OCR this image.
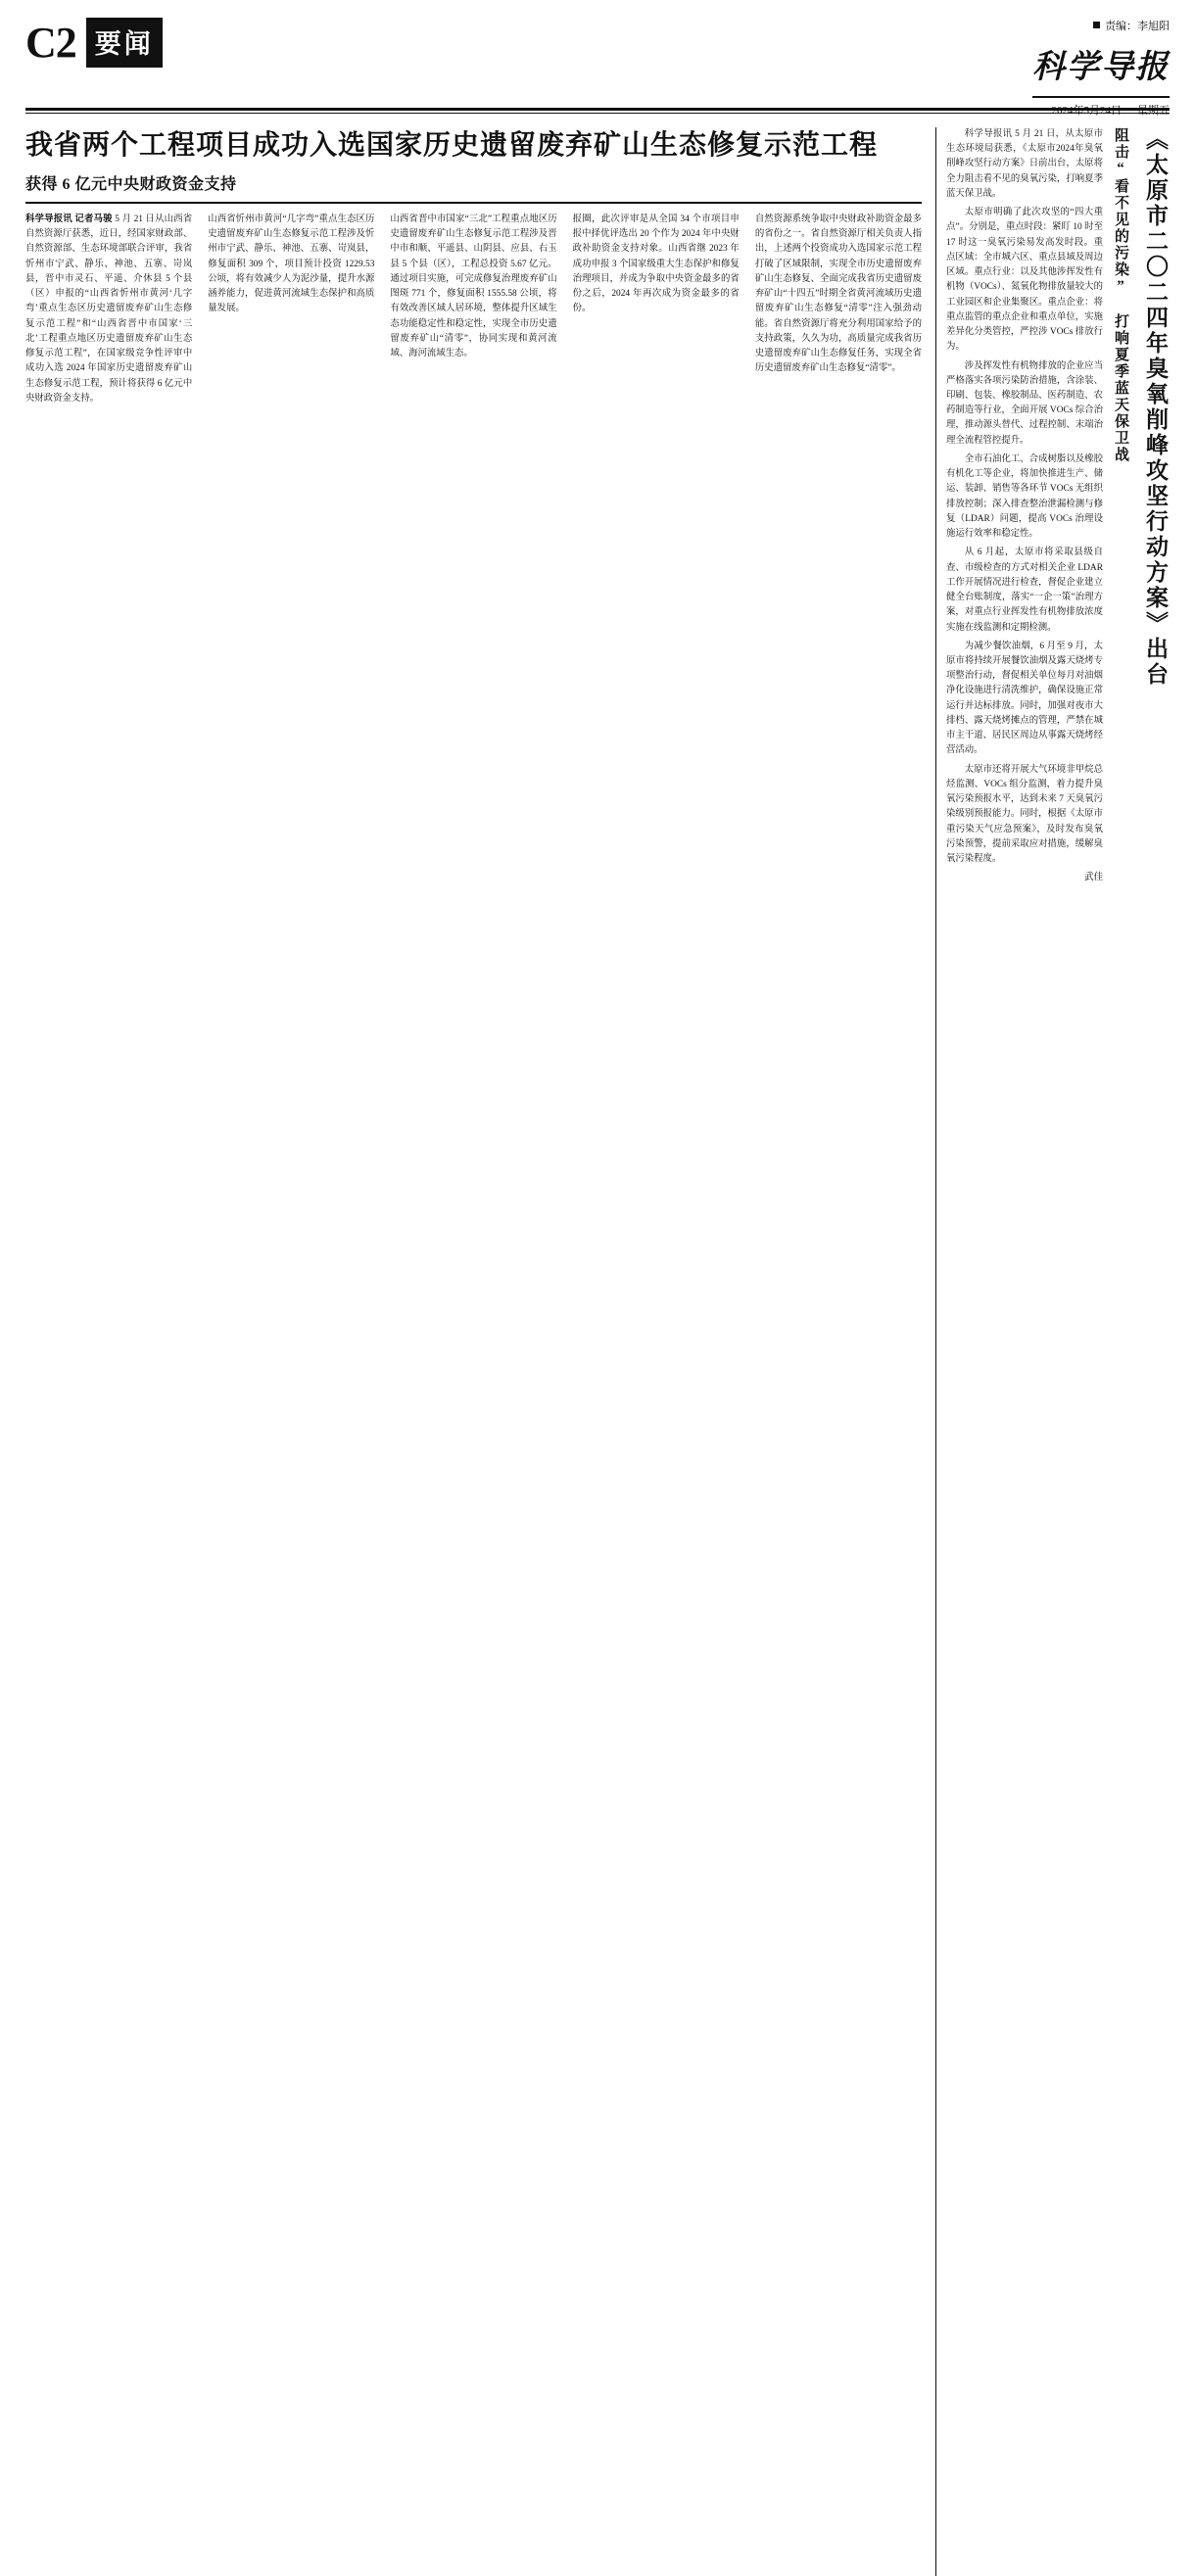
C2 要闻
责编：李旭阳
科学导报
2024年5月24日 星期五
我省两个工程项目成功入选国家历史遗留废弃矿山生态修复示范工程
获得 6 亿元中央财政资金支持
科学导报讯 记者马骏 5 月 21 日从山西省自然资源厅获悉，近日，经国家财政部、自然资源部、生态环境部联合评审，我省忻州市宁武、静乐、神池、五寨、岢岚县，晋中市灵石、平遥、介休县 5 个县（区）申报的“山西省忻州市黄河‘几字弯’重点生态区历史遗留废弃矿山生态修复示范工程”和“山西省晋中市国家‘三北’工程重点地区历史遗留废弃矿山生态修复示范工程”，在国家级竞争性评审中成功入选 2024 年国家历史遗留废弃矿山生态修复示范工程，预计将获得 6 亿元中央财政资金支持。
山西省忻州市黄河“几字弯”重点生态区历史遗留废弃矿山生态修复示范工程涉及忻州市宁武、静乐、神池、五寨、岢岚县，修复面积 309 个，项目预计投资 1229.53 公顷，将有效减少人为泥沙量，提升水源涵养能力，促进黄河流域生态保护和高质量发展。
山西省晋中市国家“三北”工程重点地区历史遗留废弃矿山生态修复示范工程涉及晋中市和顺、平遥县、山阴县、应县、右玉县 5 个县（区），工程总投资 5.67 亿元。通过项目实施，可完成修复治理废弃矿山图斑 771 个，修复面积 1555.58 公顷，将有效改善区域人居环境，整体提升区域生态功能稳定性和稳定性，实现全市历史遗留废弃矿山“清零”，协同实现和黄河流域、海河流域生态。
报圈，此次评审是从全国 34 个市项目申报中择优评选出 20 个作为 2024 年中央财政补助资金支持对象。山西省继 2023 年成功申报 3 个国家级重大生态保护和修复治理项目，并成为争取中央资金最多的省份之后，2024 年再次成为资金最多的省份。
自然资源系统争取中央财政补助资金最多的省份之一。省自然资源厅相关负责人指出，上述两个投资成功入选国家示范工程打破了区域限制，实现全市历史遗留废弃矿山生态修复、全面完成我省历史遗留废弃矿山“十四五”时期全省黄河流域历史遗留废弃矿山生态修复“清零”注入强劲动能。省自然资源厅将充分利用国家给予的支持政策，久久为功，高质量完成我省历史遗留废弃矿山生态修复任务，实现全省历史遗留废弃矿山生态修复“清零”。

科学导报讯 5 月 21 日，从太原市生态环境局获悉，《太原市2024年臭氧削峰攻坚行动方案》日前出台，太原将全力阻击看不见的臭氧污染，打响夏季蓝天保卫战。

太原市明确了此次攻坚的“四大重点”。分别是，重点时段：紧盯 10 时至 17 时这一臭氧污染易发高发时段。重点区域：全市城六区、重点县域及周边区域。重点行业：以及其他涉挥发性有机物（VOCs）、氮氧化物排放量较大的工业园区和企业集聚区。重点企业：将重点监管的重点企业和重点单位，实施差异化分类管控，严控涉 VOCs 排放行为。

涉及挥发性有机物排放的企业应当严格落实各项污染防治措施，含涂装、印刷、包装、橡胶制品、医药制造、农药制造等行业，全面开展 VOCs 综合治理，推动源头替代、过程控制、末端治理全流程管控提升。

全市石油化工、合成树脂以及橡胶有机化工等企业，将加快推进生产、储运、装卸、销售等各环节 VOCs 无组织排放控制；深入排查整治泄漏检测与修复（LDAR）问题，提高 VOCs 治理设施运行效率和稳定性。

从 6 月起，太原市将采取县级自查、市级检查的方式对相关企业 LDAR 工作开展情况进行检查，督促企业建立健全台账制度，落实“一企一策”治理方案，对重点行业挥发性有机物排放浓度实施在线监测和定期检测。

为减少餐饮油烟，6 月至 9 月，太原市将持续开展餐饮油烟及露天烧烤专项整治行动，督促相关单位每月对油烟净化设施进行清洗维护，确保设施正常运行并达标排放。同时，加强对夜市大排档、露天烧烤摊点的管理，严禁在城市主干道、居民区周边从事露天烧烤经营活动。

太原市还将开展大气环境非甲烷总烃监测、VOCs 组分监测，着力提升臭氧污染预报水平，达到未来 7 天臭氧污染级别预报能力。同时，根据《太原市重污染天气应急预案》，及时发布臭氧污染预警，提前采取应对措施，缓解臭氧污染程度。

武佳
阻击“看不见的污染” 打响夏季蓝天保卫战 《太原市二〇二四年臭氧削峰攻坚行动方案》出台
